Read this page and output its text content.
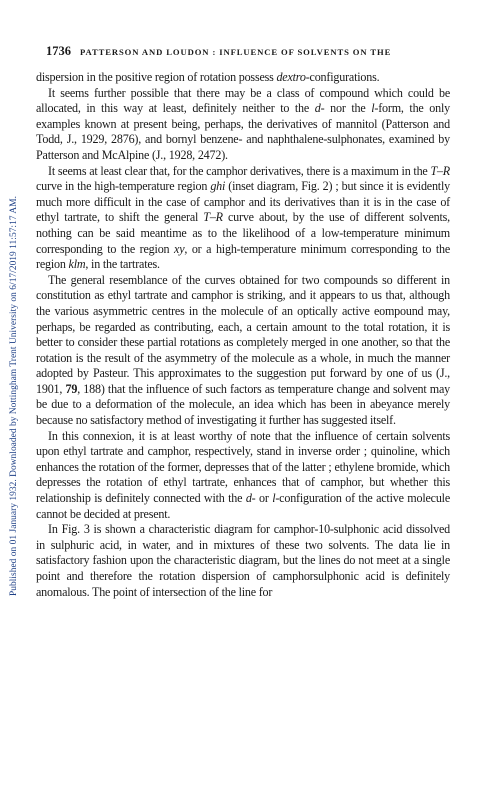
Published on 01 January 1932. Downloaded by Nottingham Trent University on 6/17/2019 11:57:17 AM.
1736 PATTERSON AND LOUDON : INFLUENCE OF SOLVENTS ON THE

dispersion in the positive region of rotation possess dextro-configurations.

It seems further possible that there may be a class of compound which could be allocated, in this way at least, definitely neither to the d- nor the l-form, the only examples known at present being, perhaps, the derivatives of mannitol (Patterson and Todd, J., 1929, 2876), and bornyl benzene- and naphthalene-sulphonates, examined by Patterson and McAlpine (J., 1928, 2472).

It seems at least clear that, for the camphor derivatives, there is a maximum in the T–R curve in the high-temperature region ghi (inset diagram, Fig. 2) ; but since it is evidently much more difficult in the case of camphor and its derivatives than it is in the case of ethyl tartrate, to shift the general T–R curve about, by the use of different solvents, nothing can be said meantime as to the likelihood of a low-temperature minimum corresponding to the region xy, or a high-temperature minimum corresponding to the region klm, in the tartrates.

The general resemblance of the curves obtained for two compounds so different in constitution as ethyl tartrate and camphor is striking, and it appears to us that, although the various asymmetric centres in the molecule of an optically active eompound may, perhaps, be regarded as contributing, each, a certain amount to the total rotation, it is better to consider these partial rotations as completely merged in one another, so that the rotation is the result of the asymmetry of the molecule as a whole, in much the manner adopted by Pasteur. This approximates to the suggestion put forward by one of us (J., 1901, 79, 188) that the influence of such factors as temperature change and solvent may be due to a deformation of the molecule, an idea which has been in abeyance merely because no satisfactory method of investigating it further has suggested itself.

In this connexion, it is at least worthy of note that the influence of certain solvents upon ethyl tartrate and camphor, respectively, stand in inverse order ; quinoline, which enhances the rotation of the former, depresses that of the latter ; ethylene bromide, which depresses the rotation of ethyl tartrate, enhances that of camphor, but whether this relationship is definitely connected with the d- or l-configuration of the active molecule cannot be decided at present.

In Fig. 3 is shown a characteristic diagram for camphor-10-sulphonic acid dissolved in sulphuric acid, in water, and in mixtures of these two solvents. The data lie in satisfactory fashion upon the characteristic diagram, but the lines do not meet at a single point and therefore the rotation dispersion of camphorsulphonic acid is definitely anomalous. The point of intersection of the line for
